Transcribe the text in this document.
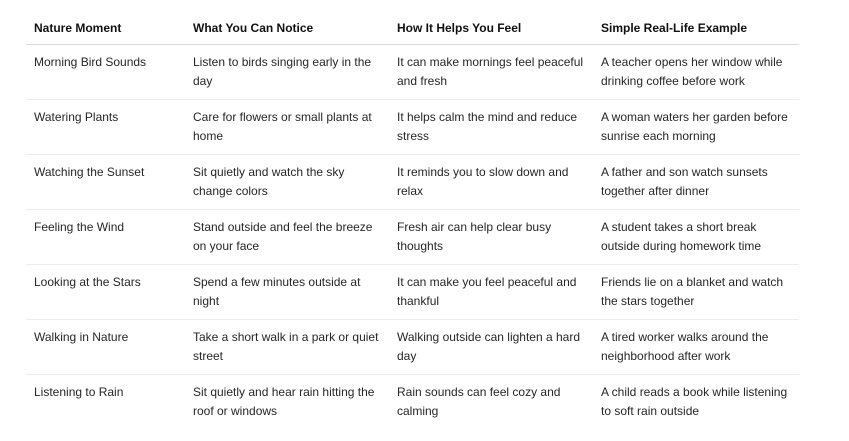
Nature Moment	What You Can Notice	How It Helps You Feel	Simple Real-Life Example
Morning Bird Sounds	Listen to birds singing early in the day	It can make mornings feel peaceful and fresh	A teacher opens her window while drinking coffee before work
Watering Plants	Care for flowers or small plants at home	It helps calm the mind and reduce stress	A woman waters her garden before sunrise each morning
Watching the Sunset	Sit quietly and watch the sky change colors	It reminds you to slow down and relax	A father and son watch sunsets together after dinner
Feeling the Wind	Stand outside and feel the breeze on your face	Fresh air can help clear busy thoughts	A student takes a short break outside during homework time
Looking at the Stars	Spend a few minutes outside at night	It can make you feel peaceful and thankful	Friends lie on a blanket and watch the stars together
Walking in Nature	Take a short walk in a park or quiet street	Walking outside can lighten a hard day	A tired worker walks around the neighborhood after work
Listening to Rain	Sit quietly and hear rain hitting the roof or windows	Rain sounds can feel cozy and calming	A child reads a book while listening to soft rain outside
